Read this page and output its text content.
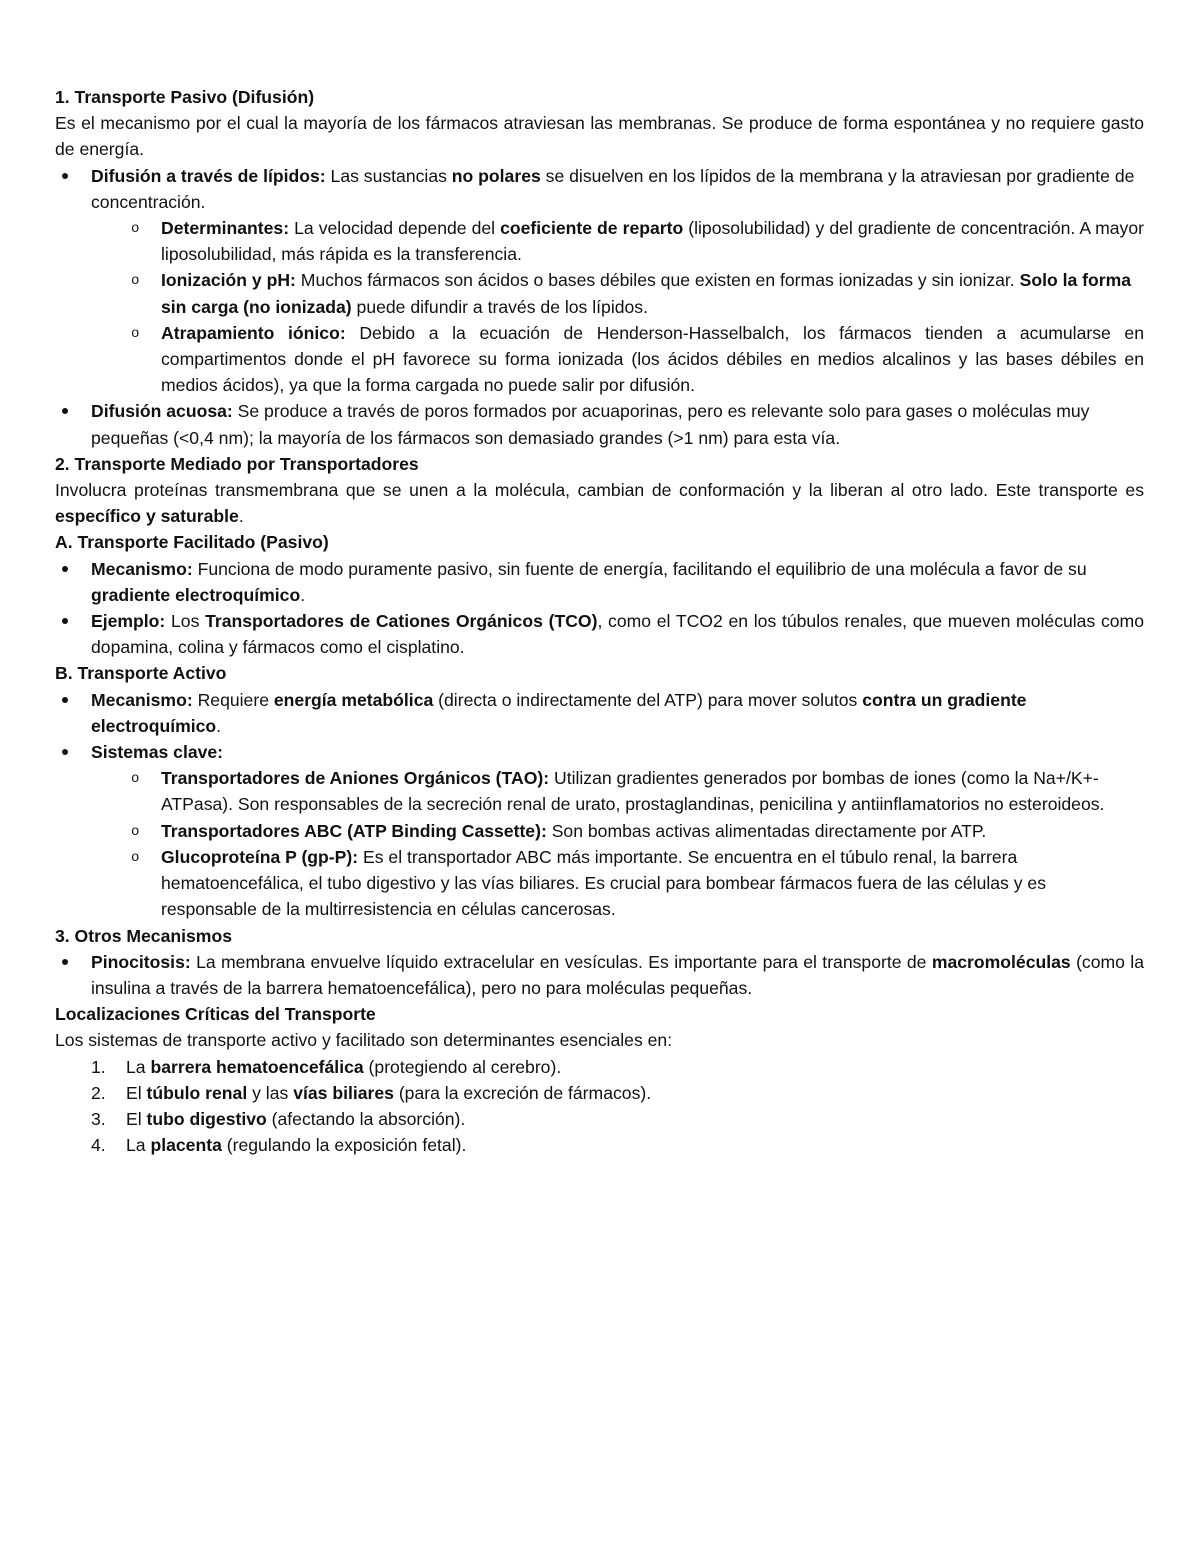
1. Transporte Pasivo (Difusión)

Es el mecanismo por el cual la mayoría de los fármacos atraviesan las membranas. Se produce de forma espontánea y no requiere gasto de energía.

Difusión a través de lípidos: Las sustancias no polares se disuelven en los lípidos de la membrana y la atraviesan por gradiente de concentración.

o Determinantes: La velocidad depende del coeficiente de reparto (liposolubilidad) y del gradiente de concentración. A mayor liposolubilidad, más rápida es la transferencia.

o Ionización y pH: Muchos fármacos son ácidos o bases débiles que existen en formas ionizadas y sin ionizar. Solo la forma sin carga (no ionizada) puede difundir a través de los lípidos.

o Atrapamiento iónico: Debido a la ecuación de Henderson-Hasselbalch, los fármacos tienden a acumularse en compartimentos donde el pH favorece su forma ionizada (los ácidos débiles en medios alcalinos y las bases débiles en medios ácidos), ya que la forma cargada no puede salir por difusión.

Difusión acuosa: Se produce a través de poros formados por acuaporinas, pero es relevante solo para gases o moléculas muy pequeñas (<0,4 nm); la mayoría de los fármacos son demasiado grandes (>1 nm) para esta vía.

2. Transporte Mediado por Transportadores

Involucra proteínas transmembrana que se unen a la molécula, cambian de conformación y la liberan al otro lado. Este transporte es específico y saturable.

A. Transporte Facilitado (Pasivo)

Mecanismo: Funciona de modo puramente pasivo, sin fuente de energía, facilitando el equilibrio de una molécula a favor de su gradiente electroquímico.

Ejemplo: Los Transportadores de Cationes Orgánicos (TCO), como el TCO2 en los túbulos renales, que mueven moléculas como dopamina, colina y fármacos como el cisplatino.

B. Transporte Activo

Mecanismo: Requiere energía metabólica (directa o indirectamente del ATP) para mover solutos contra un gradiente electroquímico.

Sistemas clave:

o Transportadores de Aniones Orgánicos (TAO): Utilizan gradientes generados por bombas de iones (como la Na+/K+-ATPasa). Son responsables de la secreción renal de urato, prostaglandinas, penicilina y antiinflamatorios no esteroideos.

o Transportadores ABC (ATP Binding Cassette): Son bombas activas alimentadas directamente por ATP.

o Glucoproteína P (gp-P): Es el transportador ABC más importante. Se encuentra en el túbulo renal, la barrera hematoencefálica, el tubo digestivo y las vías biliares. Es crucial para bombear fármacos fuera de las células y es responsable de la multirresistencia en células cancerosas.

3. Otros Mecanismos

Pinocitosis: La membrana envuelve líquido extracelular en vesículas. Es importante para el transporte de macromoléculas (como la insulina a través de la barrera hematoencefálica), pero no para moléculas pequeñas.

Localizaciones Críticas del Transporte

Los sistemas de transporte activo y facilitado son determinantes esenciales en:

1. La barrera hematoencefálica (protegiendo al cerebro).

2. El túbulo renal y las vías biliares (para la excreción de fármacos).

3. El tubo digestivo (afectando la absorción).

4. La placenta (regulando la exposición fetal).
